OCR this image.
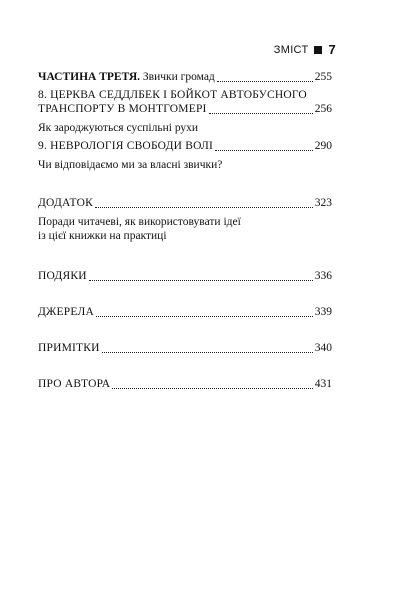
ЗМІСТ 7
ЧАСТИНА ТРЕТЯ. Звички громад	255
8. ЦЕРКВА СЕДДЛБЕК І БОЙКОТ АВТОБУСНОГО
ТРАНСПОРТУ В МОНТГОМЕРІ	256
Як зароджуються суспільні рухи
9. НЕВРОЛОГІЯ СВОБОДИ ВОЛІ	290
Чи відповідаємо ми за власні звички?
ДОДАТОК	323
Поради читачеві, як використовувати ідеї
із цієї книжки на практиці
ПОДЯКИ	336
ДЖЕРЕЛА	339
ПРИМІТКИ	340
ПРО АВТОРА	431
